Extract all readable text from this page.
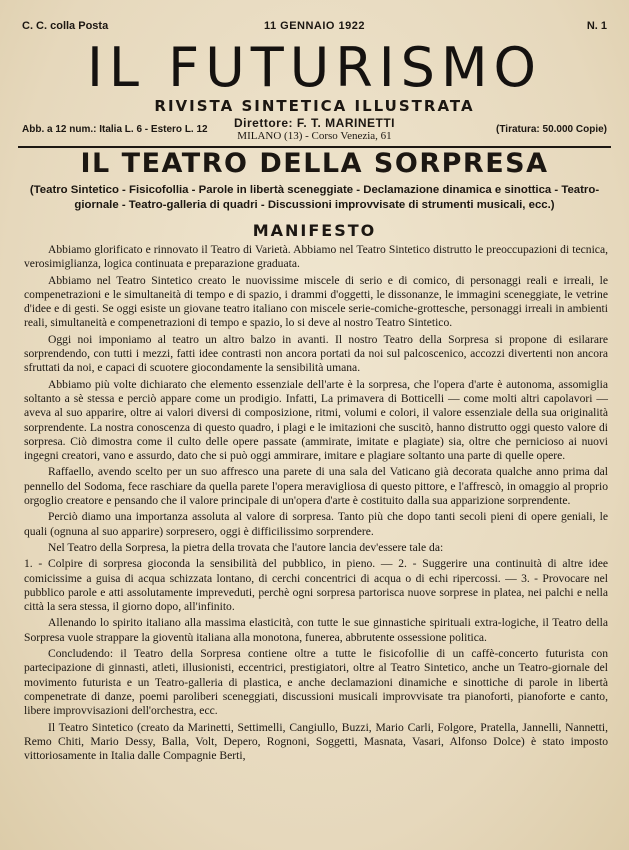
C. C. colla Posta	11 GENNAIO 1922	N. 1
IL FUTURISMO
RIVISTA SINTETICA ILLUSTRATA
Abb. a 12 num.: Italia L. 6 - Estero L. 12	Direttore: F. T. MARINETTI
MILANO (13) - Corso Venezia, 61
(Tiratura: 50.000 Copie)
IL TEATRO DELLA SORPRESA
(Teatro Sintetico - Fisicofollia - Parole in libertà sceneggiate - Declamazione dinamica e sinottica - Teatro-giornale - Teatro-galleria di quadri - Discussioni improvvisate di strumenti musicali, ecc.)
MANIFESTO

Abbiamo glorificato e rinnovato il Teatro di Varietà. Abbiamo nel Teatro Sintetico distrutto le preoccupazioni di tecnica, verosimiglianza, logica continuata e preparazione graduata.

Abbiamo nel Teatro Sintetico creato le nuovissime miscele di serio e di comico, di personaggi reali e irreali, le compenetrazioni e le simultaneità di tempo e di spazio, i drammi d'oggetti, le dissonanze, le immagini sceneggiate, le vetrine d'idee e di gesti. Se oggi esiste un giovane teatro italiano con miscele serie-comiche-grottesche, personaggi irreali in ambienti reali, simultaneità e compenetrazioni di tempo e spazio, lo si deve al nostro Teatro Sintetico.

Oggi noi imponiamo al teatro un altro balzo in avanti. Il nostro Teatro della Sorpresa si propone di esilarare sorprendendo, con tutti i mezzi, fatti idee contrasti non ancora portati da noi sul palcoscenico, accozzi divertenti non ancora sfruttati da noi, e capaci di scuotere giocondamente la sensibilità umana.

Abbiamo più volte dichiarato che elemento essenziale dell'arte è la sorpresa, che l'opera d'arte è autonoma, assomiglia soltanto a sè stessa e perciò appare come un prodigio. Infatti, La primavera di Botticelli — come molti altri capolavori — aveva al suo apparire, oltre ai valori diversi di composizione, ritmi, volumi e colori, il valore essenziale della sua originalità sorprendente. La nostra conoscenza di questo quadro, i plagi e le imitazioni che suscitò, hanno distrutto oggi questo valore di sorpresa. Ciò dimostra come il culto delle opere passate (ammirate, imitate e plagiate) sia, oltre che pernicioso ai nuovi ingegni creatori, vano e assurdo, dato che si può oggi ammirare, imitare e plagiare soltanto una parte di quelle opere.

Raffaello, avendo scelto per un suo affresco una parete di una sala del Vaticano già decorata qualche anno prima dal pennello del Sodoma, fece raschiare da quella parete l'opera meravigliosa di questo pittore, e l'affrescò, in omaggio al proprio orgoglio creatore e pensando che il valore principale di un'opera d'arte è costituito dalla sua apparizione sorprendente.

Perciò diamo una importanza assoluta al valore di sorpresa. Tanto più che dopo tanti secoli pieni di opere geniali, le quali (ognuna al suo apparire) sorpresero, oggi è difficilissimo sorprendere.

Nel Teatro della Sorpresa, la pietra della trovata che l'autore lancia dev'essere tale da:

1. - Colpire di sorpresa gioconda la sensibilità del pubblico, in pieno. — 2. - Suggerire una continuità di altre idee comicissime a guisa di acqua schizzata lontano, di cerchi concentrici di acqua o di echi ripercossi. — 3. - Provocare nel pubblico parole e atti assolutamente impreveduti, perchè ogni sorpresa partorisca nuove sorprese in platea, nei palchi e nella città la sera stessa, il giorno dopo, all'infinito.

Allenando lo spirito italiano alla massima elasticità, con tutte le sue ginnastiche spirituali extra-logiche, il Teatro della Sorpresa vuole strappare la gioventù italiana alla monotona, funerea, abbrutente ossessione politica.

Concludendo: il Teatro della Sorpresa contiene oltre a tutte le fisicofollie di un caffè-concerto futurista con partecipazione di ginnasti, atleti, illusionisti, eccentrici, prestigiatori, oltre al Teatro Sintetico, anche un Teatro-giornale del movimento futurista e un Teatro-galleria di plastica, e anche declamazioni dinamiche e sinottiche di parole in libertà compenetrate di danze, poemi paroliberi sceneggiati, discussioni musicali improvvisate tra pianoforti, pianoforte e canto, libere improvvisazioni dell'orchestra, ecc.

Il Teatro Sintetico (creato da Marinetti, Settimelli, Cangiullo, Buzzi, Mario Carli, Folgore, Pratella, Jannelli, Nannetti, Remo Chiti, Mario Dessy, Balla, Volt, Depero, Rognoni, Soggetti, Masnata, Vasari, Alfonso Dolce) è stato imposto vittoriosamente in Italia dalle Compagnie Berti,
